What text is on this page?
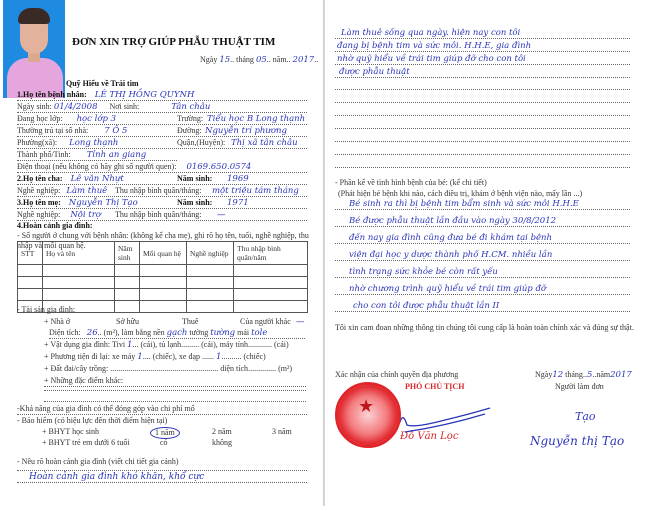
ĐƠN XIN TRỢ GIÚP PHẪU THUẬT TIM
Ngày 15.. tháng 05.. năm.. 2017..
Quỹ Hiểu về Trái tim
1.Họ tên bệnh nhân: LÊ THỊ HỒNG QUYNH
Ngày sinh: 01/4/2008 Nơi sinh:	Tân châu
Đang học lớp: học lớp 3	Trường: Tiểu học B Long thạnh
Thường trú tại số nhà: 7 Ô 5	Đường: Nguyễn trí phương
Phường(xã): Long thạnh	Quận,(Huyện): Thị xã tân châu
Thành phố/Tinh: Tỉnh an giang
Điện thoại (nếu không có hãy ghi số người quen): 0169.650.0574
2.Họ tên cha: Lê văn Nhựt	Năm sinh: 1969
Nghề nghiệp: Làm thuê Thu nhập bình quân/tháng: một triệu tám tháng
3.Họ tên mẹ: Nguyễn Thị Tạo	Năm sinh: 1971
Nghề nghiệp: Nội trợ Thu nhập bình quân/tháng: —
4.Hoàn cảnh gia đình:
- Số người ở chung với bệnh nhân: (không kể cha mẹ), ghi rõ họ tên, tuổi, nghề nghiệp, thu nhập và mối quan hệ.
STT	Họ và tên	Năm sinh	Mối quan hệ	Nghề nghiệp	Thu nhập bình quân/năm

- Tài sản gia đình:
+ Nhà ở	Sở hữu	Thuê	Của người khác —
Diện tích: 26.. (m²), làm bằng nền gạch tường tường mái tole
+ Vật dụng gia đình: Tivi 1... (cái), tủ lạnh......... (cái), máy tính............ (cái)
+ Phương tiện đi lại: xe máy 1.... (chiếc), xe đạp ...... 1.......... (chiếc)
+ Đất đai/cây trồng: ...................................................... diện tích.............. (m²)
+ Những đặc điểm khác:
-Khả năng của gia đình có thể đóng góp vào chi phí mổ
- Bảo hiểm (có hiệu lực đến thời điểm hiện tại)
+ BHYT học sinh	1 năm	2 năm	3 năm
+ BHYT trẻ em dưới 6 tuổi	có	không
- Nêu rõ hoàn cảnh gia đình (viết chi tiết gia cảnh)
Hoàn cảnh gia đình khó khăn, khổ cực
Làm thuê sống qua ngày. hiện nay con tôi
đang bị bệnh tim và sức môi. H.H.E, gia đình
nhờ quỹ hiểu về trái tim giúp đỡ cho con tôi
được phẫu thuật
- Phần kể về tình hình bệnh của bé: (kể chi tiết)
(Phát hiện bé bệnh khi nào, cách điều trị, khám ở bệnh viện nào, mấy lần ...)
Bé sinh ra thì bị bệnh tim bẩm sinh và sức môi H.H.E
Bé được phẫu thuật lần đầu vào ngày 30/8/2012
đến nay gia đình cũng đưa bé đi khám tại bệnh
viện đại học y dược thành phố H.CM. nhiều lần
tình trạng sức khỏe bé còn rất yếu
nhờ chương trình quỹ hiểu về trái tim giúp đỡ
cho con tôi được phẫu thuật lần II
Tôi xin cam đoan những thông tin chúng tôi cung cấp là hoàn toàn chính xác và đúng sự thật.
Xác nhận của chính quyền địa phương
PHÓ CHỦ TỊCH
Đỗ Văn Lọc
Ngày12 tháng..5..năm2017
Người làm đơn
Tạo
Nguyễn thị Tạo
★
